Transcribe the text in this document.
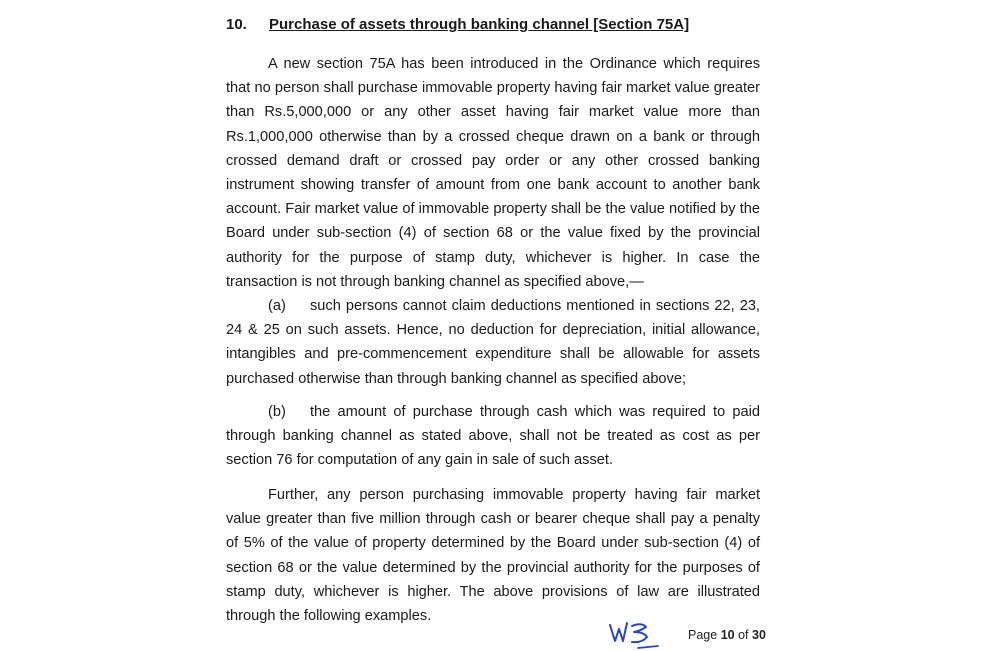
10. Purchase of assets through banking channel [Section 75A]

A new section 75A has been introduced in the Ordinance which requires that no person shall purchase immovable property having fair market value greater than Rs.5,000,000 or any other asset having fair market value more than Rs.1,000,000 otherwise than by a crossed cheque drawn on a bank or through crossed demand draft or crossed pay order or any other crossed banking instrument showing transfer of amount from one bank account to another bank account. Fair market value of immovable property shall be the value notified by the Board under sub-section (4) of section 68 or the value fixed by the provincial authority for the purpose of stamp duty, whichever is higher. In case the transaction is not through banking channel as specified above,—

(a) such persons cannot claim deductions mentioned in sections 22, 23, 24 & 25 on such assets. Hence, no deduction for depreciation, initial allowance, intangibles and pre-commencement expenditure shall be allowable for assets purchased otherwise than through banking channel as specified above;

(b) the amount of purchase through cash which was required to paid through banking channel as stated above, shall not be treated as cost as per section 76 for computation of any gain in sale of such asset.

Further, any person purchasing immovable property having fair market value greater than five million through cash or bearer cheque shall pay a penalty of 5% of the value of property determined by the Board under sub-section (4) of section 68 or the value determined by the provincial authority for the purposes of stamp duty, whichever is higher. The above provisions of law are illustrated through the following examples.

Page 10 of 30
